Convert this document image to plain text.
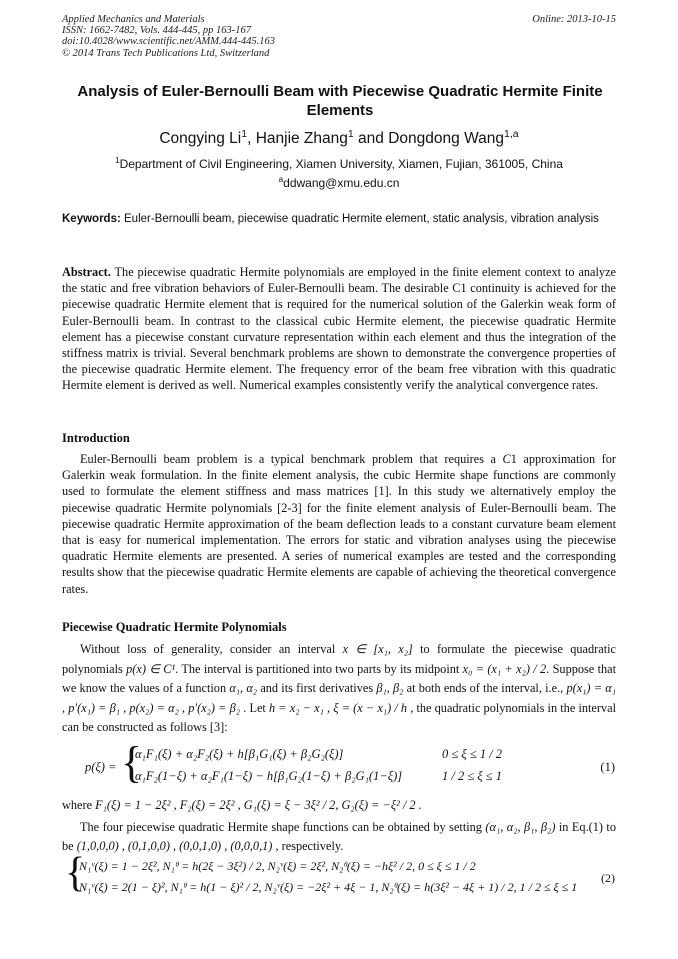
Applied Mechanics and Materials
ISSN: 1662-7482, Vols. 444-445, pp 163-167
doi:10.4028/www.scientific.net/AMM.444-445.163
© 2014 Trans Tech Publications Ltd, Switzerland
Online: 2013-10-15
Analysis of Euler-Bernoulli Beam with Piecewise Quadratic Hermite Finite Elements
Congying Li$^1$, Hanjie Zhang$^1$ and Dongdong Wang$^{1,a}$
$^1$Department of Civil Engineering, Xiamen University, Xiamen, Fujian, 361005, China
$^a$ddwang@xmu.edu.cn
Keywords: Euler-Bernoulli beam, piecewise quadratic Hermite element, static analysis, vibration analysis
Abstract. The piecewise quadratic Hermite polynomials are employed in the finite element context to analyze the static and free vibration behaviors of Euler-Bernoulli beam. The desirable C1 continuity is achieved for the piecewise quadratic Hermite element that is required for the numerical solution of the Galerkin weak form of Euler-Bernoulli beam. In contrast to the classical cubic Hermite element, the piecewise quadratic Hermite element has a piecewise constant curvature representation within each element and thus the integration of the stiffness matrix is trivial. Several benchmark problems are shown to demonstrate the convergence properties of the piecewise quadratic Hermite element. The frequency error of the beam free vibration with this quadratic Hermite element is derived as well. Numerical examples consistently verify the analytical convergence rates.
Introduction
Euler-Bernoulli beam problem is a typical benchmark problem that requires a C1 approximation for Galerkin weak formulation. In the finite element analysis, the cubic Hermite shape functions are commonly used to formulate the element stiffness and mass matrices [1]. In this study we alternatively employ the piecewise quadratic Hermite polynomials [2-3] for the finite element analysis of Euler-Bernoulli beam. The piecewise quadratic Hermite approximation of the beam deflection leads to a constant curvature beam element that is easy for numerical implementation. The errors for static and vibration analyses using the piecewise quadratic Hermite elements are presented. A series of numerical examples are tested and the corresponding results show that the piecewise quadratic Hermite elements are capable of achieving the theoretical convergence rates.
Piecewise Quadratic Hermite Polynomials
Without loss of generality, consider an interval x ∈ [x₁, x₂] to formulate the piecewise quadratic polynomials p(x) ∈ C¹. The interval is partitioned into two parts by its midpoint x₀ = (x₁ + x₂) / 2. Suppose that we know the values of a function α₁, α₂ and its first derivatives β₁, β₂ at both ends of the interval, i.e., p(x₁) = α₁ , p′(x₁) = β₁ , p(x₂) = α₂ , p′(x₂) = β₂ . Let h = x₂ − x₁ , ξ = (x − x₁) / h , the quadratic polynomials in the interval can be constructed as follows [3]:
p(ξ) = {
α₁F₁(ξ) + α₂F₂(ξ) + h[β₁G₁(ξ) + β₂G₂(ξ)]	0 ≤ ξ ≤ 1 / 2
α₁F₂(1−ξ) + α₂F₁(1−ξ) − h[β₁G₂(1−ξ) + β₂G₁(1−ξ)]	1 / 2 ≤ ξ ≤ 1
(1)
where F₁(ξ) = 1 − 2ξ² , F₂(ξ) = 2ξ² , G₁(ξ) = ξ − 3ξ² / 2, G₂(ξ) = −ξ² / 2 .
The four piecewise quadratic Hermite shape functions can be obtained by setting (α₁, α₂, β₁, β₂) in Eq.(1) to be (1,0,0,0) , (0,1,0,0) , (0,0,1,0) , (0,0,0,1) , respectively.
{
N₁ᵛ(ξ) = 1 − 2ξ², N₁ᶿ = h(2ξ − 3ξ²) / 2, N₂ᵛ(ξ) = 2ξ², N₂ᶿ(ξ) = −hξ² / 2, 0 ≤ ξ ≤ 1 / 2
N₁ᵛ(ξ) = 2(1 − ξ)², N₁ᶿ = h(1 − ξ)² / 2, N₂ᵛ(ξ) = −2ξ² + 4ξ − 1, N₂ᶿ(ξ) = h(3ξ² − 4ξ + 1) / 2, 1 / 2 ≤ ξ ≤ 1
(2)
